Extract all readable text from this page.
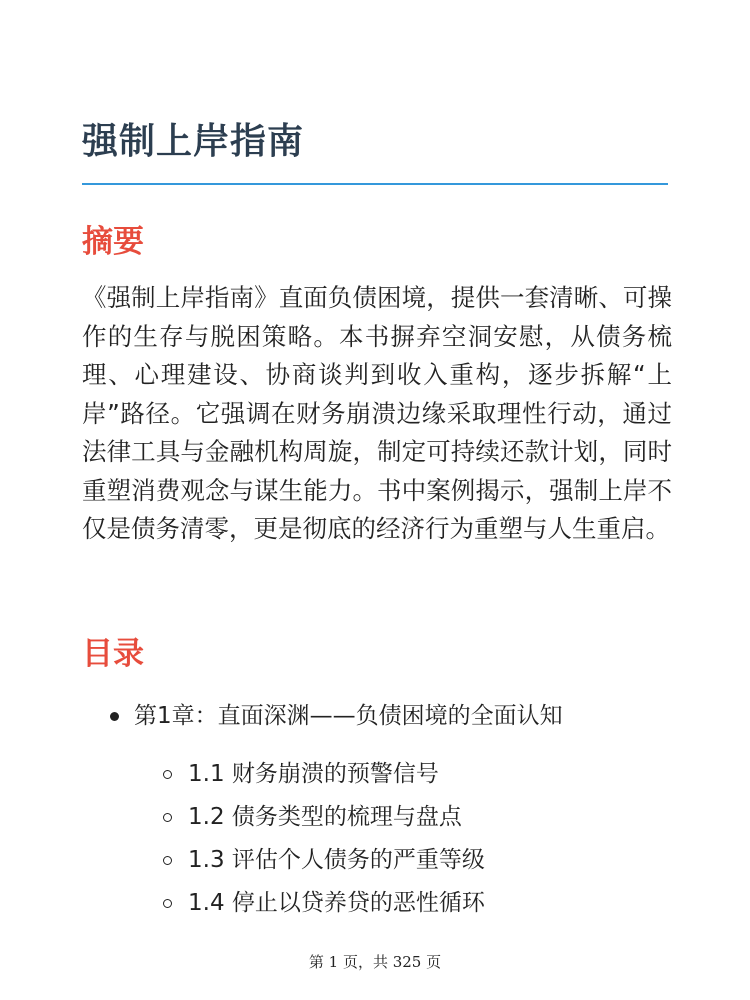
强制上岸指南
摘要

《强制上岸指南》直面负债困境，提供一套清晰、可操作的生存与脱困策略。本书摒弃空洞安慰，从债务梳理、心理建设、协商谈判到收入重构，逐步拆解“上岸”路径。它强调在财务崩溃边缘采取理性行动，通过法律工具与金融机构周旋，制定可持续还款计划，同时重塑消费观念与谋生能力。书中案例揭示，强制上岸不仅是债务清零，更是彻底的经济行为重塑与人生重启。

目录
第1章：直面深渊——负债困境的全面认知
1.1 财务崩溃的预警信号
1.2 债务类型的梳理与盘点
1.3 评估个人债务的严重等级
1.4 停止以贷养贷的恶性循环
第 1 页，共 325 页
